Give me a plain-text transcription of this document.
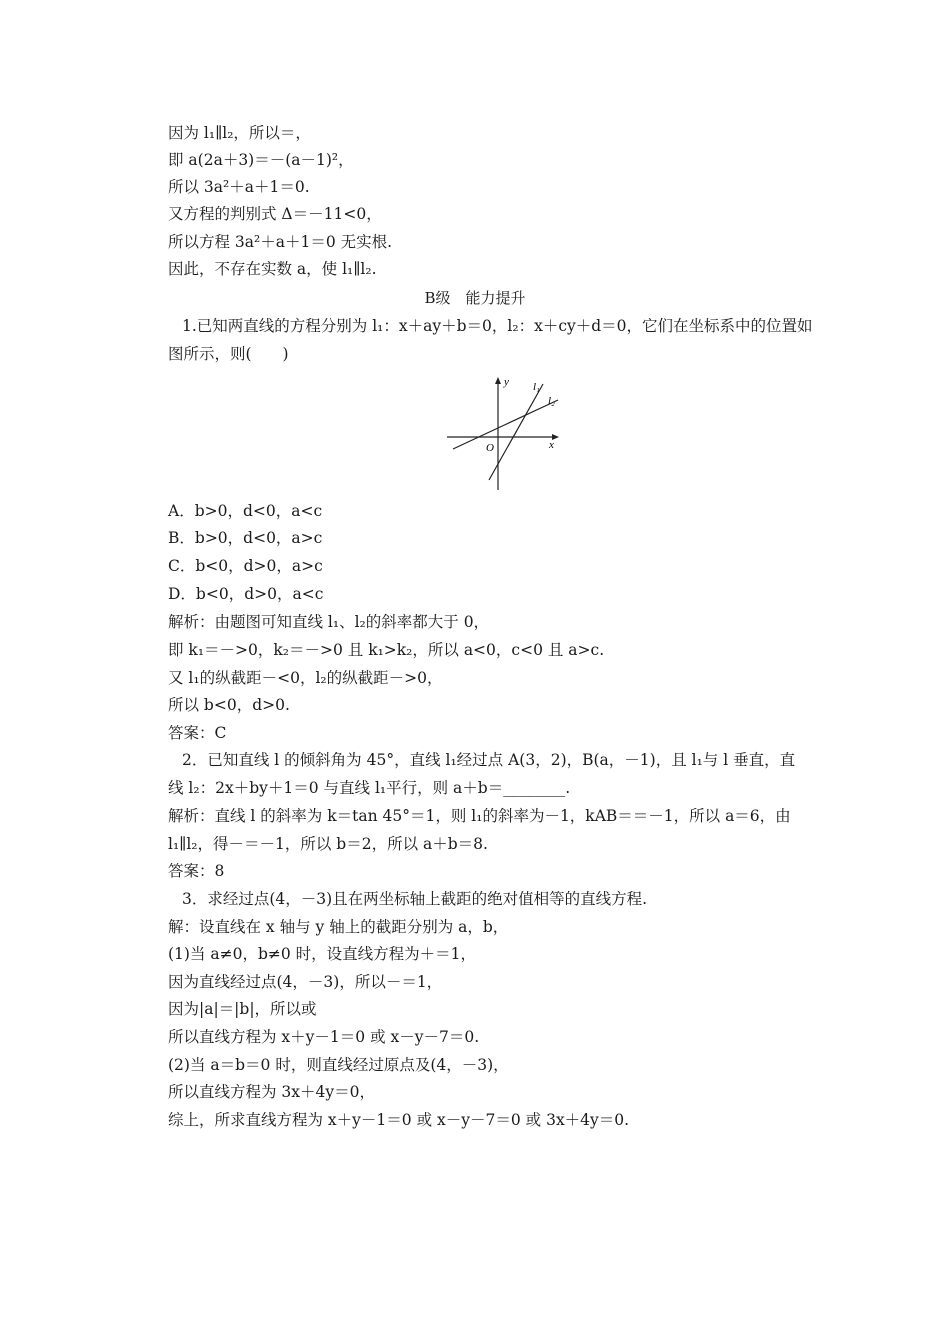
因为 l₁∥l₂，所以＝，
即 a(2a＋3)＝－(a－1)²，
所以 3a²＋a＋1＝0.
又方程的判别式 Δ＝－11<0，
所以方程 3a²＋a＋1＝0 无实根.
因此，不存在实数 a，使 l₁∥l₂.
B级　能力提升
1.已知两直线的方程分别为 l₁：x＋ay＋b＝0，l₂：x＋cy＋d＝0，它们在坐标系中的位置如
图所示，则(　　)
y
x
O
l₁
l₂
A．b>0，d<0，a<c
B．b>0，d<0，a>c
C．b<0，d>0，a>c
D．b<0，d>0，a<c
解析：由题图可知直线 l₁、l₂的斜率都大于 0，
即 k₁＝－>0，k₂＝－>0 且 k₁>k₂，所以 a<0，c<0 且 a>c.
又 l₁的纵截距－<0，l₂的纵截距－>0，
所以 b<0，d>0.
答案：C
2．已知直线 l 的倾斜角为 45°，直线 l₁经过点 A(3，2)，B(a，－1)，且 l₁与 l 垂直，直
线 l₂：2x＋by＋1＝0 与直线 l₁平行，则 a＋b＝________.
解析：直线 l 的斜率为 k＝tan 45°＝1，则 l₁的斜率为－1，kAB＝＝－1，所以 a＝6，由
l₁∥l₂，得－＝－1，所以 b＝2，所以 a＋b＝8.
答案：8
3．求经过点(4，－3)且在两坐标轴上截距的绝对值相等的直线方程.
解：设直线在 x 轴与 y 轴上的截距分别为 a，b，
(1)当 a≠0，b≠0 时，设直线方程为＋＝1，
因为直线经过点(4，－3)，所以－＝1，
因为|a|＝|b|，所以或
所以直线方程为 x＋y－1＝0 或 x－y－7＝0.
(2)当 a＝b＝0 时，则直线经过原点及(4，－3)，
所以直线方程为 3x＋4y＝0，
综上，所求直线方程为 x＋y－1＝0 或 x－y－7＝0 或 3x＋4y＝0.
